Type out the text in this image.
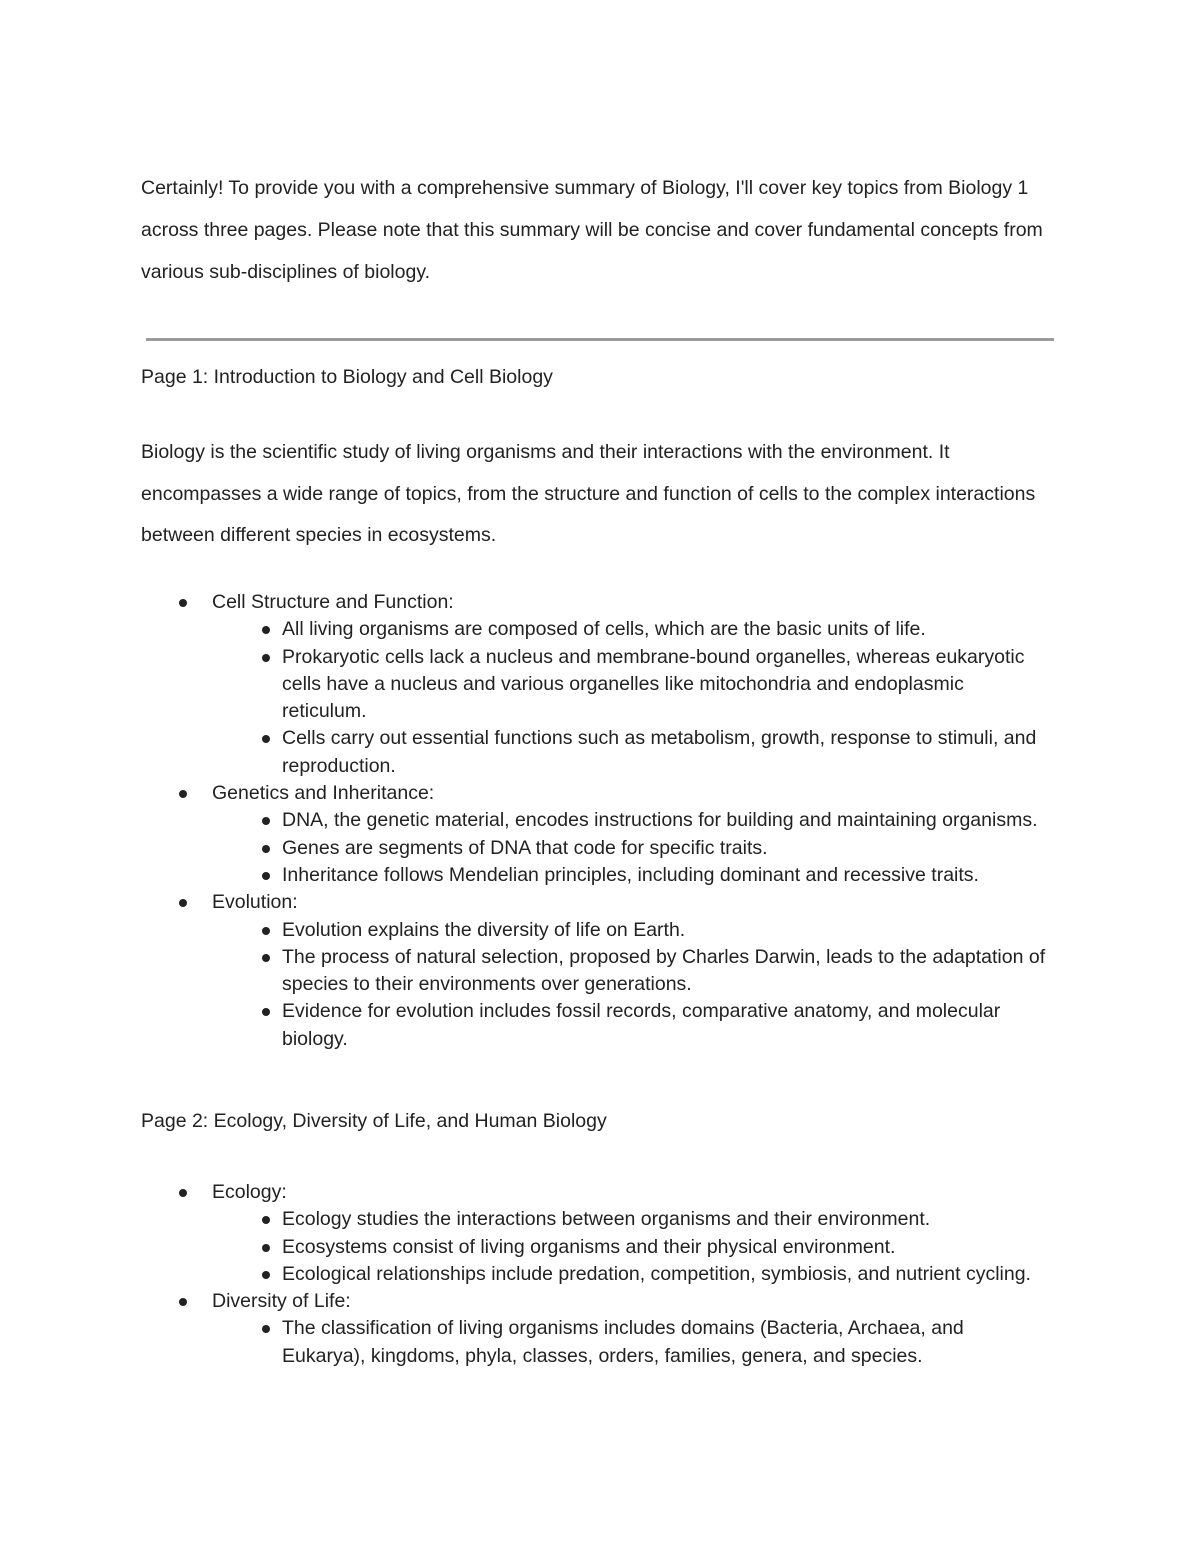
Certainly! To provide you with a comprehensive summary of Biology, I'll cover key topics from Biology 1 across three pages. Please note that this summary will be concise and cover fundamental concepts from various sub-disciplines of biology.

Page 1: Introduction to Biology and Cell Biology

Biology is the scientific study of living organisms and their interactions with the environment. It encompasses a wide range of topics, from the structure and function of cells to the complex interactions between different species in ecosystems.

Cell Structure and Function:
All living organisms are composed of cells, which are the basic units of life.
Prokaryotic cells lack a nucleus and membrane-bound organelles, whereas eukaryotic cells have a nucleus and various organelles like mitochondria and endoplasmic reticulum.
Cells carry out essential functions such as metabolism, growth, response to stimuli, and reproduction.
Genetics and Inheritance:
DNA, the genetic material, encodes instructions for building and maintaining organisms.
Genes are segments of DNA that code for specific traits.
Inheritance follows Mendelian principles, including dominant and recessive traits.
Evolution:
Evolution explains the diversity of life on Earth.
The process of natural selection, proposed by Charles Darwin, leads to the adaptation of species to their environments over generations.
Evidence for evolution includes fossil records, comparative anatomy, and molecular biology.
Page 2: Ecology, Diversity of Life, and Human Biology
Ecology:
Ecology studies the interactions between organisms and their environment.
Ecosystems consist of living organisms and their physical environment.
Ecological relationships include predation, competition, symbiosis, and nutrient cycling.
Diversity of Life:
The classification of living organisms includes domains (Bacteria, Archaea, and Eukarya), kingdoms, phyla, classes, orders, families, genera, and species.
